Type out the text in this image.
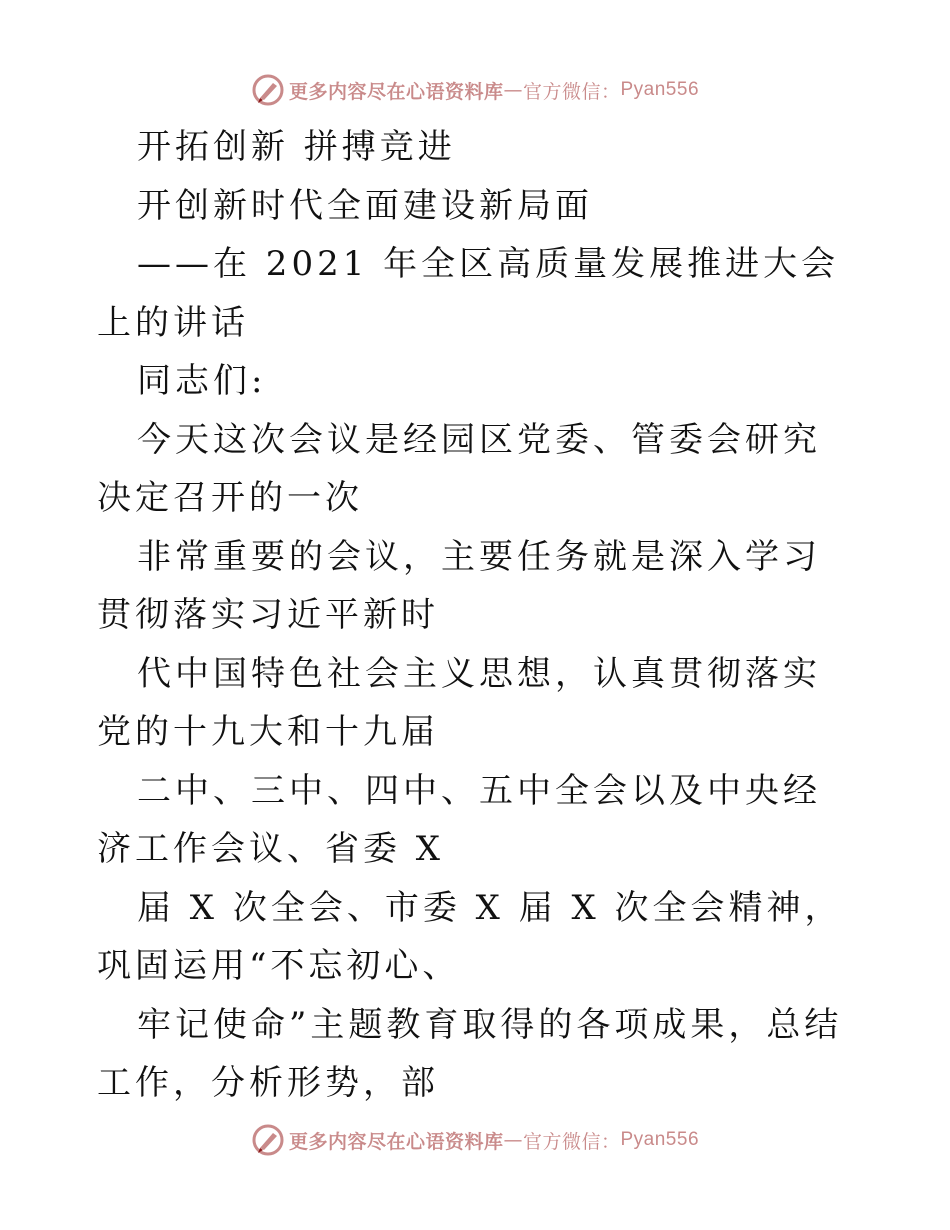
更多内容尽在心语资料库 — 官方微信： Pyan556

开拓创新 拼搏竞进

开创新时代全面建设新局面

——在 2021 年全区高质量发展推进大会上的讲话

同志们:

今天这次会议是经园区党委、管委会研究决定召开的一次

非常重要的会议，主要任务就是深入学习贯彻落实习近平新时

代中国特色社会主义思想，认真贯彻落实党的十九大和十九届

二中、三中、四中、五中全会以及中央经济工作会议、省委 X

届 X 次全会、市委 X 届 X 次全会精神，巩固运用“不忘初心、

牢记使命”主题教育取得的各项成果，总结工作，分析形势，部

更多内容尽在心语资料库 — 官方微信： Pyan556
